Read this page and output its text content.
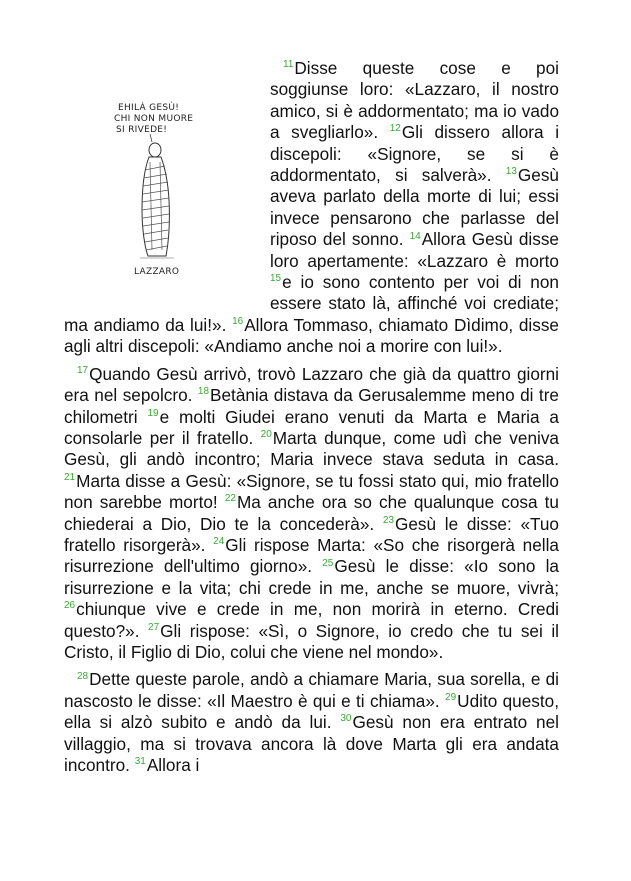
EHILÀ GESÙ!
CHI NON MUORE
SI RIVEDE!
LAZZARO

$^{11}$Disse queste cose e poi soggiunse loro: «Lazzaro, il nostro amico, si è addormentato; ma io vado a svegliarlo». $^{12}$Gli dissero allora i discepoli: «Signore, se si è addormentato, si salverà». $^{13}$Gesù aveva parlato della morte di lui; essi invece pensarono che parlasse del riposo del sonno. $^{14}$Allora Gesù disse loro apertamente: «Lazzaro è morto $^{15}$e io sono contento per voi di non essere stato là, affinché voi crediate; ma andiamo da lui!». $^{16}$Allora Tommaso, chiamato Dìdimo, disse agli altri discepoli: «Andiamo anche noi a morire con lui!».

$^{17}$Quando Gesù arrivò, trovò Lazzaro che già da quattro giorni era nel sepolcro. $^{18}$Betània distava da Gerusalemme meno di tre chilometri $^{19}$e molti Giudei erano venuti da Marta e Maria a consolarle per il fratello. $^{20}$Marta dunque, come udì che veniva Gesù, gli andò incontro; Maria invece stava seduta in casa. $^{21}$Marta disse a Gesù: «Signore, se tu fossi stato qui, mio fratello non sarebbe morto! $^{22}$Ma anche ora so che qualunque cosa tu chiederai a Dio, Dio te la concederà». $^{23}$Gesù le disse: «Tuo fratello risorgerà». $^{24}$Gli rispose Marta: «So che risorgerà nella risurrezione dell'ultimo giorno». $^{25}$Gesù le disse: «Io sono la risurrezione e la vita; chi crede in me, anche se muore, vivrà; $^{26}$chiunque vive e crede in me, non morirà in eterno. Credi questo?». $^{27}$Gli rispose: «Sì, o Signore, io credo che tu sei il Cristo, il Figlio di Dio, colui che viene nel mondo».

$^{28}$Dette queste parole, andò a chiamare Maria, sua sorella, e di nascosto le disse: «Il Maestro è qui e ti chiama». $^{29}$Udito questo, ella si alzò subito e andò da lui. $^{30}$Gesù non era entrato nel villaggio, ma si trovava ancora là dove Marta gli era andata incontro. $^{31}$Allora i
